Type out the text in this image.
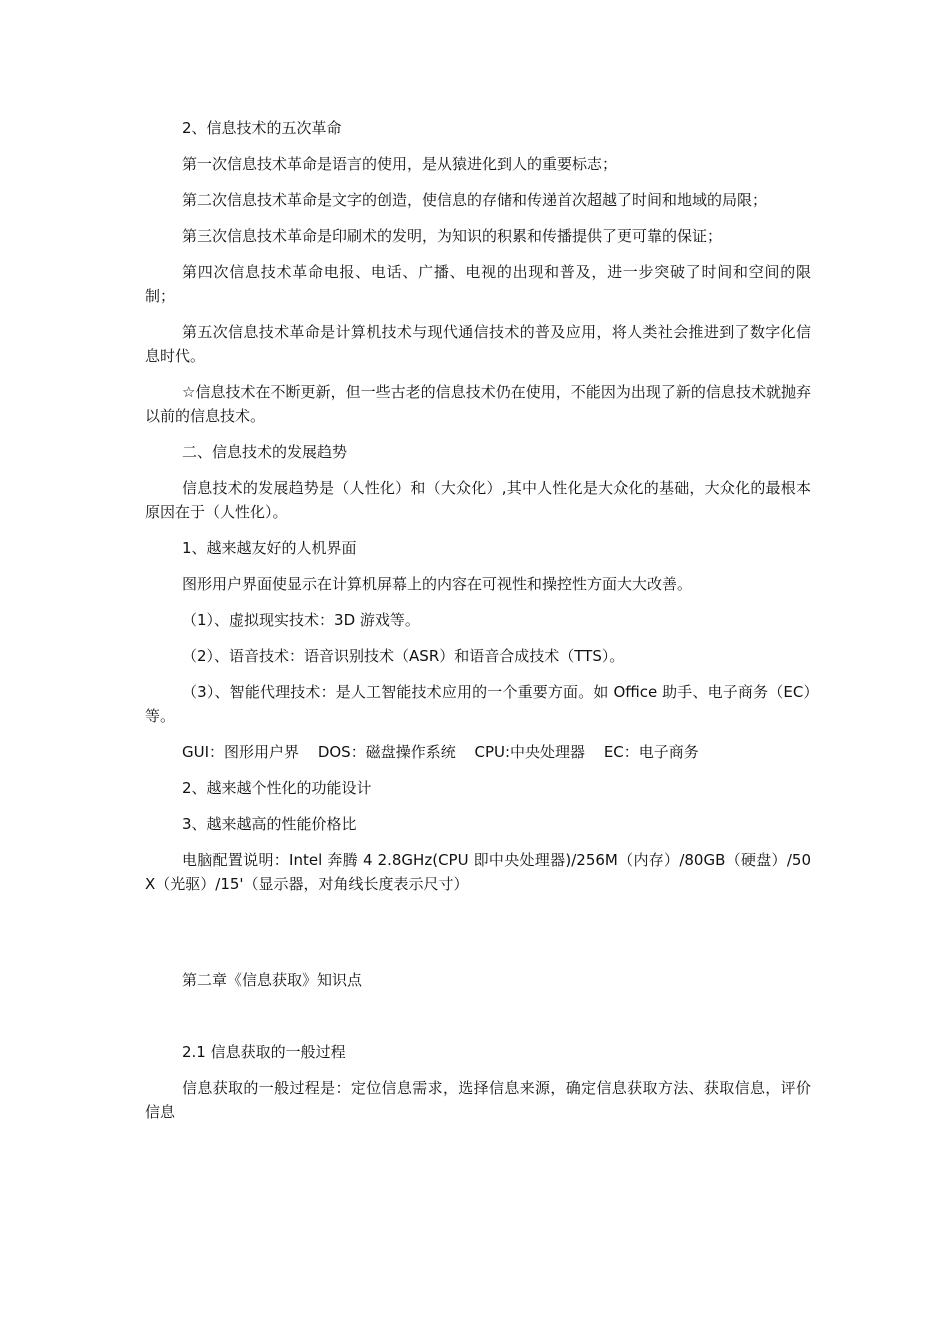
2、信息技术的五次革命

第一次信息技术革命是语言的使用，是从猿进化到人的重要标志；

第二次信息技术革命是文字的创造，使信息的存储和传递首次超越了时间和地域的局限；

第三次信息技术革命是印刷术的发明，为知识的积累和传播提供了更可靠的保证；

第四次信息技术革命电报、电话、广播、电视的出现和普及，进一步突破了时间和空间的限制；

第五次信息技术革命是计算机技术与现代通信技术的普及应用，将人类社会推进到了数字化信息时代。

☆信息技术在不断更新，但一些古老的信息技术仍在使用，不能因为出现了新的信息技术就抛弃以前的信息技术。

二、信息技术的发展趋势

信息技术的发展趋势是（人性化）和（大众化）,其中人性化是大众化的基础，大众化的最根本原因在于（人性化）。

1、越来越友好的人机界面

图形用户界面使显示在计算机屏幕上的内容在可视性和操控性方面大大改善。

（1）、虚拟现实技术：3D 游戏等。

（2）、语音技术：语音识别技术（ASR）和语音合成技术（TTS）。

（3）、智能代理技术：是人工智能技术应用的一个重要方面。如 Office 助手、电子商务（EC）等。

GUI：图形用户界 DOS：磁盘操作系统 CPU:中央处理器 EC：电子商务

2、越来越个性化的功能设计

3、越来越高的性能价格比

电脑配置说明：Intel 奔腾 4 2.8GHz(CPU 即中央处理器)/256M（内存）/80GB（硬盘）/50X（光驱）/15'（显示器，对角线长度表示尺寸）

第二章《信息获取》知识点

2.1 信息获取的一般过程

信息获取的一般过程是：定位信息需求，选择信息来源，确定信息获取方法、获取信息，评价信息
